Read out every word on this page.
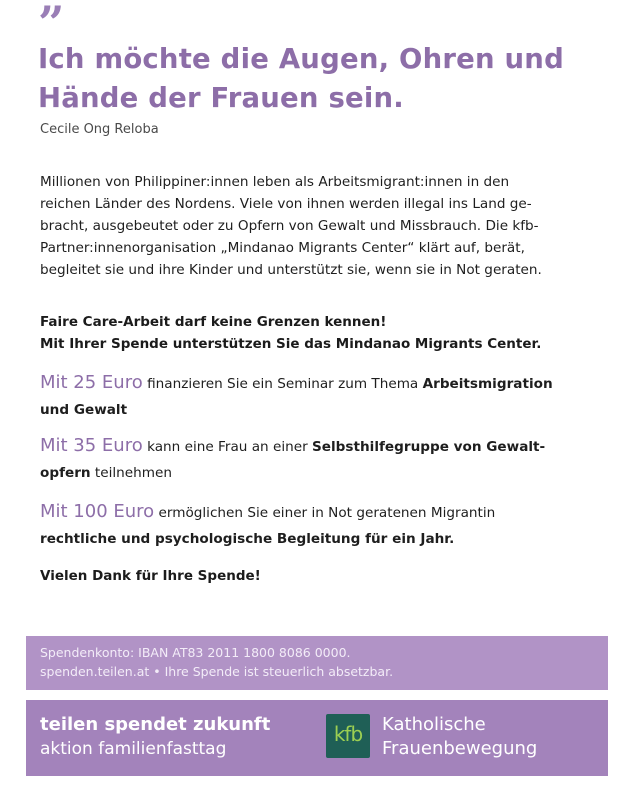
”
Ich möchte die Augen, Ohren und
Hände der Frauen sein.
Cecile Ong Reloba
Millionen von Philippiner:innen leben als Arbeitsmigrant:innen in den
reichen Länder des Nordens. Viele von ihnen werden illegal ins Land ge-
bracht, ausgebeutet oder zu Opfern von Gewalt und Missbrauch. Die kfb-
Partner:innenorganisation „Mindanao Migrants Center“ klärt auf, berät,
begleitet sie und ihre Kinder und unterstützt sie, wenn sie in Not geraten.
Faire Care-Arbeit darf keine Grenzen kennen!
Mit Ihrer Spende unterstützen Sie das Mindanao Migrants Center.
Mit 25 Euro finanzieren Sie ein Seminar zum Thema Arbeitsmigration
und Gewalt
Mit 35 Euro kann eine Frau an einer Selbsthilfegruppe von Gewalt-
opfern teilnehmen
Mit 100 Euro ermöglichen Sie einer in Not geratenen Migrantin
rechtliche und psychologische Begleitung für ein Jahr.
Vielen Dank für Ihre Spende!
Spendenkonto: IBAN AT83 2011 1800 8086 0000.
spenden.teilen.at • Ihre Spende ist steuerlich absetzbar.
teilen spendet zukunft
aktion familienfasttag
kfb	Katholische
Frauenbewegung
